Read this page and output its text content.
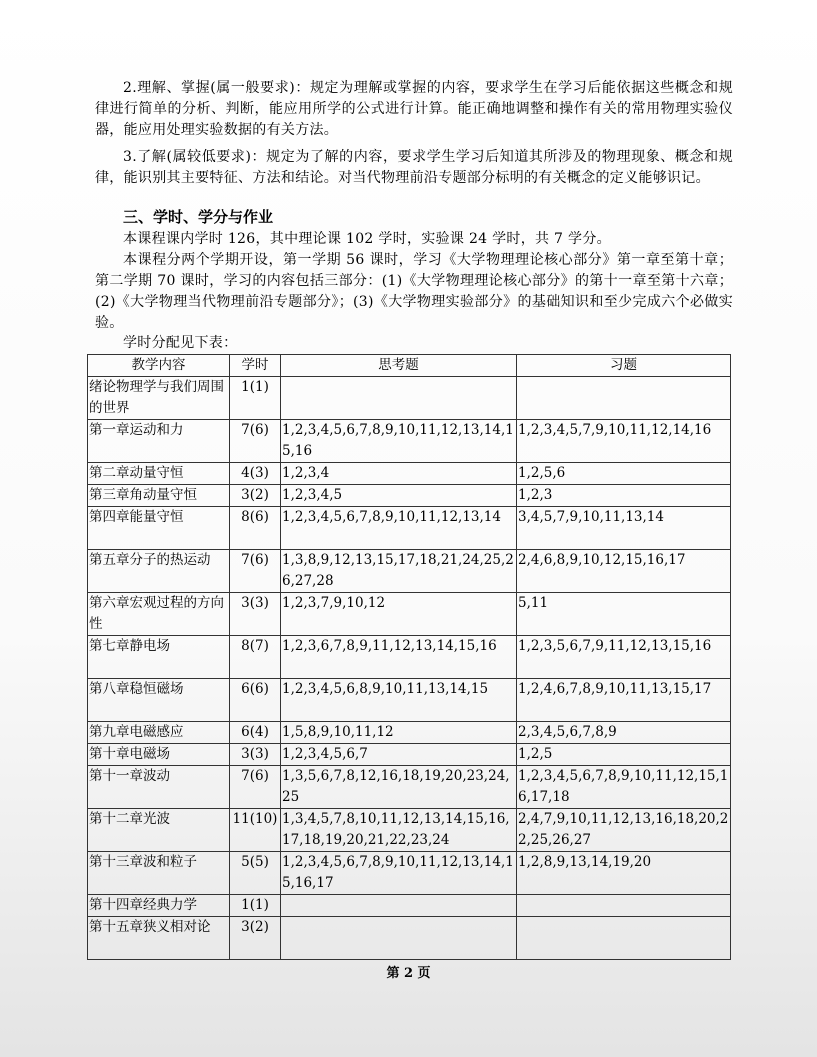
2.理解、掌握(属一般要求)：规定为理解或掌握的内容，要求学生在学习后能依据这些概念和规律进行简单的分析、判断，能应用所学的公式进行计算。能正确地调整和操作有关的常用物理实验仪器，能应用处理实验数据的有关方法。

3.了解(属较低要求)：规定为了解的内容，要求学生学习后知道其所涉及的物理现象、概念和规律，能识别其主要特征、方法和结论。对当代物理前沿专题部分标明的有关概念的定义能够识记。

三、学时、学分与作业

本课程课内学时 126，其中理论课 102 学时，实验课 24 学时，共 7 学分。

本课程分两个学期开设，第一学期 56 课时，学习《大学物理理论核心部分》第一章至第十章；第二学期 70 课时，学习的内容包括三部分：(1)《大学物理理论核心部分》的第十一章至第十六章；(2)《大学物理当代物理前沿专题部分》；(3)《大学物理实验部分》的基础知识和至少完成六个必做实验。

学时分配见下表：

教学内容	学时	思考题	习题
绪论物理学与我们周围的世界	1(1)		
第一章运动和力	7(6)	1,2,3,4,5,6,7,8,9,10,11,12,13,14,15,16	1,2,3,4,5,7,9,10,11,12,14,16
第二章动量守恒	4(3)	1,2,3,4	1,2,5,6
第三章角动量守恒	3(2)	1,2,3,4,5	1,2,3
第四章能量守恒	8(6)	1,2,3,4,5,6,7,8,9,10,11,12,13,14	3,4,5,7,9,10,11,13,14
第五章分子的热运动	7(6)	1,3,8,9,12,13,15,17,18,21,24,25,26,27,28	2,4,6,8,9,10,12,15,16,17
第六章宏观过程的方向性	3(3)	1,2,3,7,9,10,12	5,11
第七章静电场	8(7)	1,2,3,6,7,8,9,11,12,13,14,15,16	1,2,3,5,6,7,9,11,12,13,15,16
第八章稳恒磁场	6(6)	1,2,3,4,5,6,8,9,10,11,13,14,15	1,2,4,6,7,8,9,10,11,13,15,17
第九章电磁感应	6(4)	1,5,8,9,10,11,12	2,3,4,5,6,7,8,9
第十章电磁场	3(3)	1,2,3,4,5,6,7	1,2,5
第十一章波动	7(6)	1,3,5,6,7,8,12,16,18,19,20,23,24,25	1,2,3,4,5,6,7,8,9,10,11,12,15,16,17,18
第十二章光波	11(10)	1,3,4,5,7,8,10,11,12,13,14,15,16,17,18,19,20,21,22,23,24	2,4,7,9,10,11,12,13,16,18,20,22,25,26,27
第十三章波和粒子	5(5)	1,2,3,4,5,6,7,8,9,10,11,12,13,14,15,16,17	1,2,8,9,13,14,19,20
第十四章经典力学	1(1)		
第十五章狭义相对论	3(2)		
第 2 页
